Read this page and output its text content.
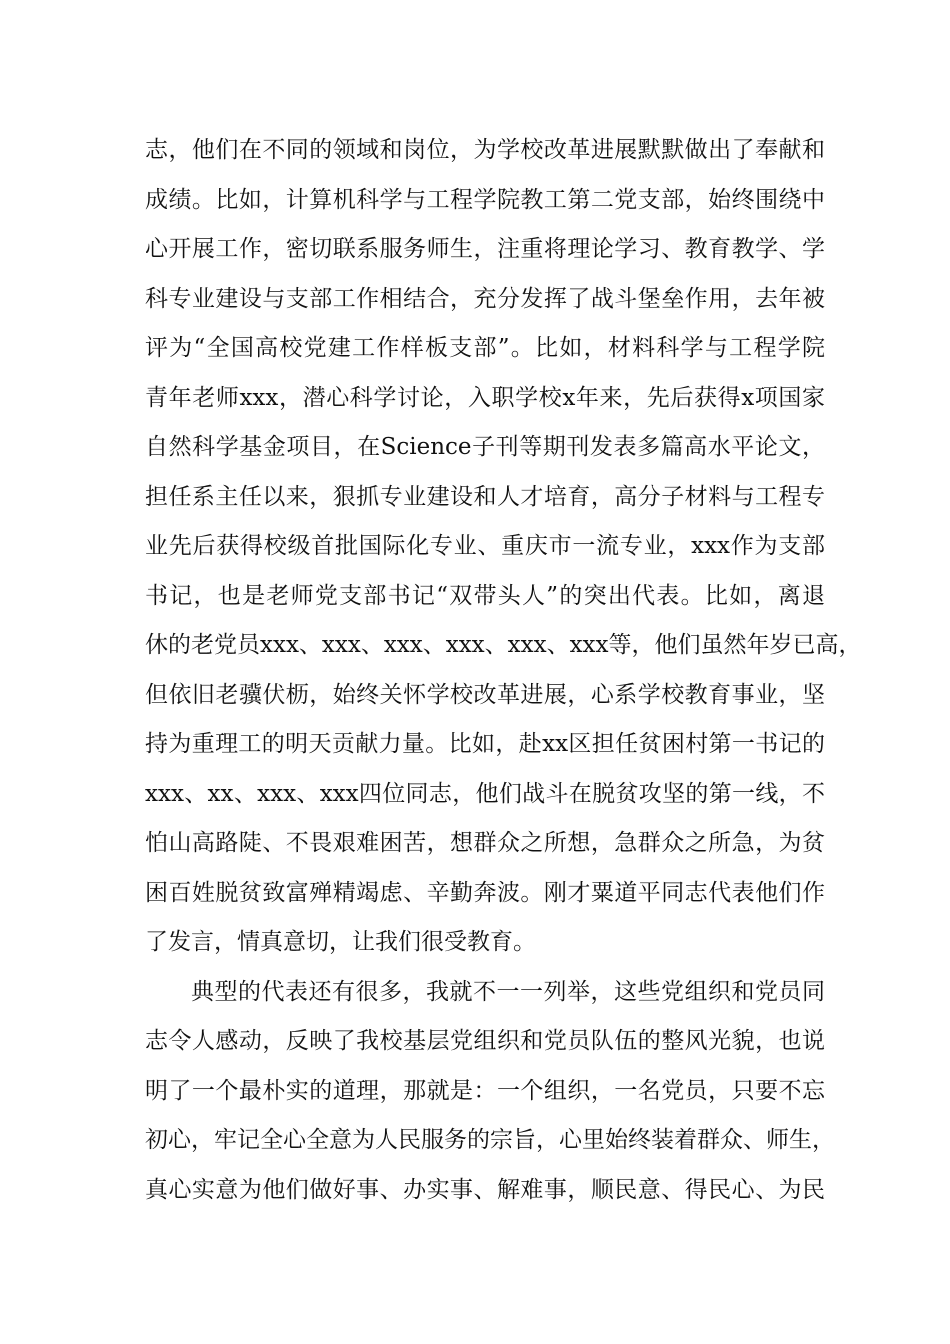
志，他们在不同的领域和岗位，为学校改革进展默默做出了奉献和
成绩。比如，计算机科学与工程学院教工第二党支部，始终围绕中
心开展工作，密切联系服务师生，注重将理论学习、教育教学、学
科专业建设与支部工作相结合，充分发挥了战斗堡垒作用，去年被
评为“全国高校党建工作样板支部”。比如，材料科学与工程学院
青年老师xxx，潜心科学讨论，入职学校x年来，先后获得x项国家
自然科学基金项目，在Science子刊等期刊发表多篇高水平论文，
担任系主任以来，狠抓专业建设和人才培育，高分子材料与工程专
业先后获得校级首批国际化专业、重庆市一流专业，xxx作为支部
书记，也是老师党支部书记“双带头人”的突出代表。比如，离退
休的老党员xxx、xxx、xxx、xxx、xxx、xxx等，他们虽然年岁已高，
但依旧老骥伏枥，始终关怀学校改革进展，心系学校教育事业，坚
持为重理工的明天贡献力量。比如，赴xx区担任贫困村第一书记的
xxx、xx、xxx、xxx四位同志，他们战斗在脱贫攻坚的第一线，不
怕山高路陡、不畏艰难困苦，想群众之所想，急群众之所急，为贫
困百姓脱贫致富殚精竭虑、辛勤奔波。刚才粟道平同志代表他们作
了发言，情真意切，让我们很受教育。
典型的代表还有很多，我就不一一列举，这些党组织和党员同
志令人感动，反映了我校基层党组织和党员队伍的整风光貌，也说
明了一个最朴实的道理，那就是：一个组织，一名党员，只要不忘
初心，牢记全心全意为人民服务的宗旨，心里始终装着群众、师生，
真心实意为他们做好事、办实事、解难事，顺民意、得民心、为民
